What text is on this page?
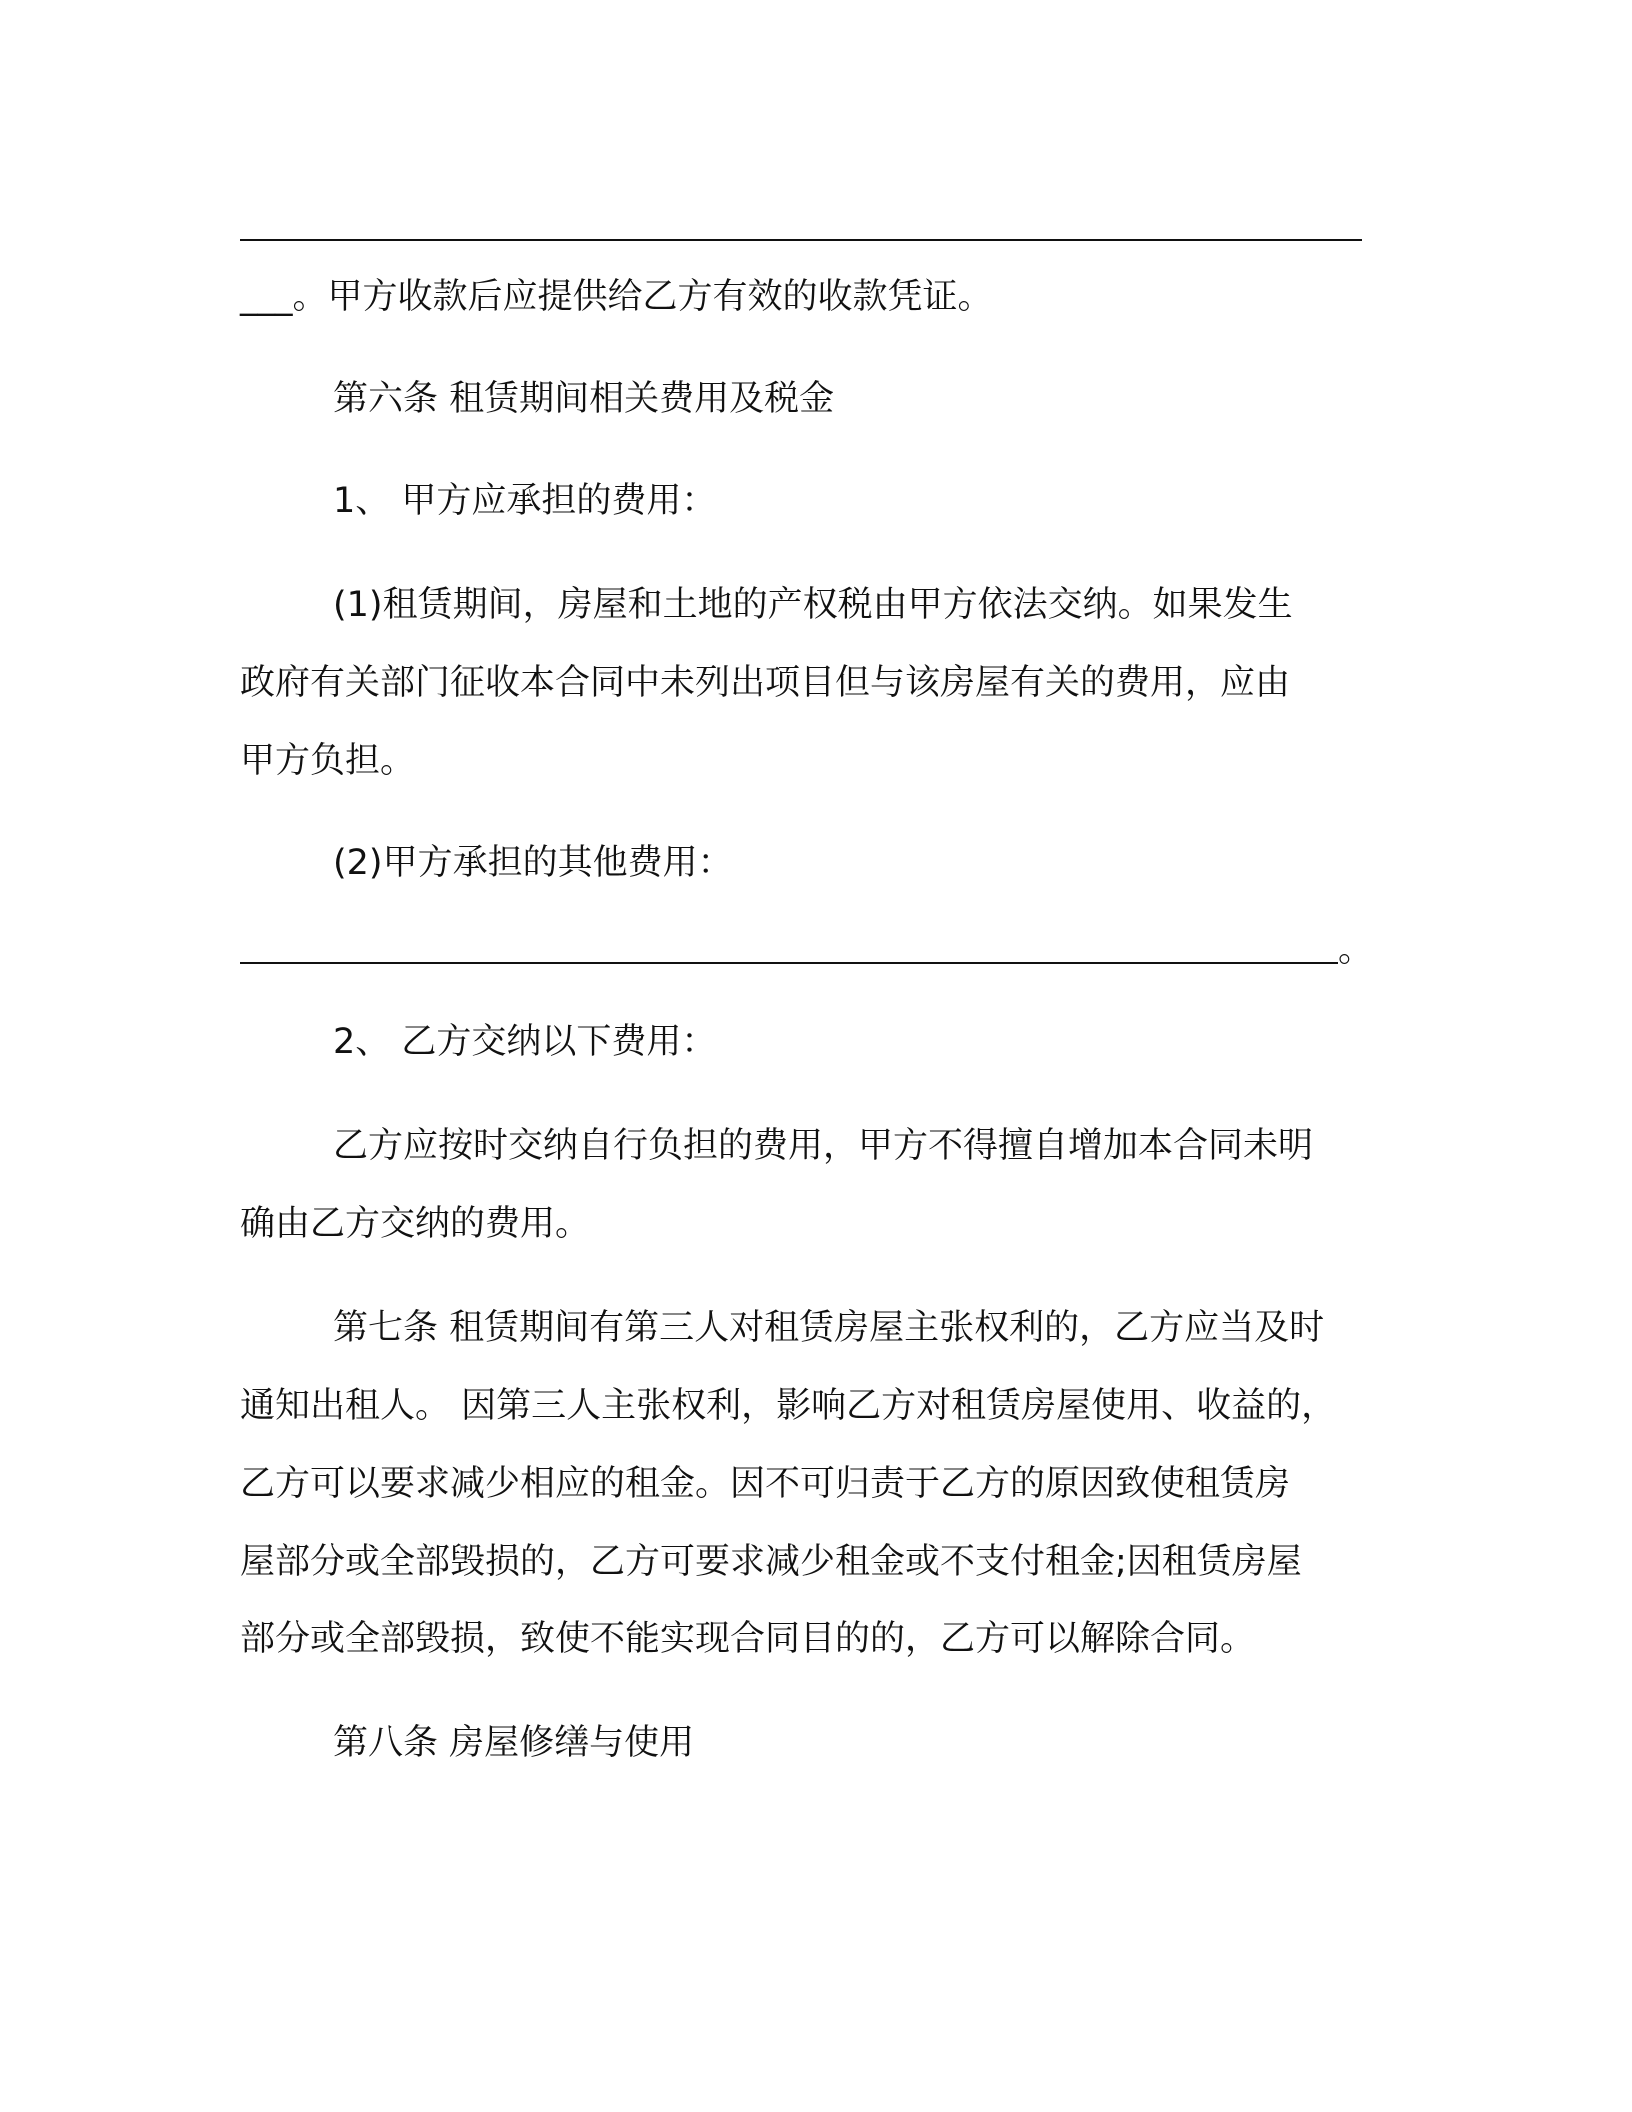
___。甲方收款后应提供给乙方有效的收款凭证。
第六条 租赁期间相关费用及税金
1、 甲方应承担的费用：
(1)租赁期间，房屋和土地的产权税由甲方依法交纳。如果发生
政府有关部门征收本合同中未列出项目但与该房屋有关的费用，应由
甲方负担。
(2)甲方承担的其他费用：
。
2、 乙方交纳以下费用：
乙方应按时交纳自行负担的费用，甲方不得擅自增加本合同未明
确由乙方交纳的费用。
第七条 租赁期间有第三人对租赁房屋主张权利的，乙方应当及时
通知出租人。 因第三人主张权利，影响乙方对租赁房屋使用、收益的，
乙方可以要求减少相应的租金。因不可归责于乙方的原因致使租赁房
屋部分或全部毁损的，乙方可要求减少租金或不支付租金;因租赁房屋
部分或全部毁损，致使不能实现合同目的的，乙方可以解除合同。
第八条 房屋修缮与使用
